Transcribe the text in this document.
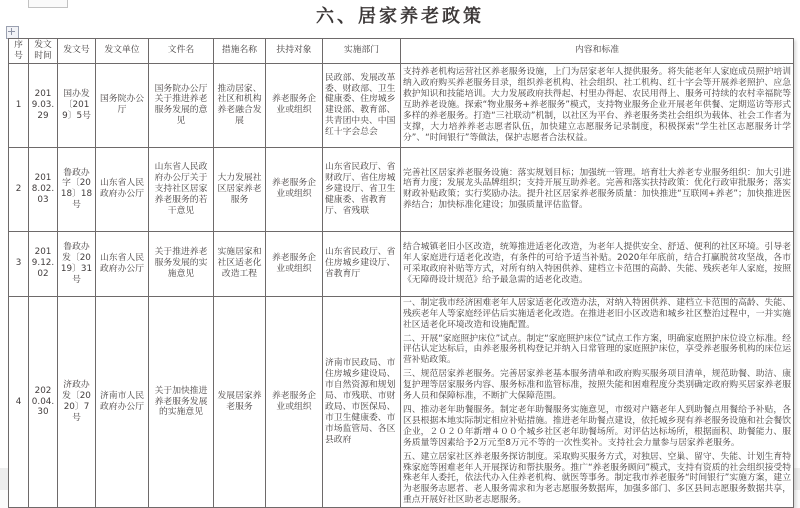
六、居家养老政策
序号	发文时间	发文号	发文单位	文件名	措施名称	扶持对象	实施部门	内容和标准
1	2019.03.29	国办发〔2019〕5号	国务院办公厅	国务院办公厅关于推进养老服务发展的意见	推动居家、社区和机构养老融合发展	养老服务企业或组织	民政部、发展改革委、财政部、卫生健康委、住房城乡建设部、教育部、共青团中央、中国红十字会总会	支持养老机构运营社区养老服务设施，上门为居家老年人提供服务。将失能老年人家庭成员照护培训纳入政府购买养老服务目录，组织养老机构、社会组织、社工机构、红十字会等开展养老照护、应急救护知识和技能培训。大力发展政府扶得起、村里办得起、农民用得上、服务可持续的农村幸福院等互助养老设施。探索“物业服务+养老服务”模式，支持物业服务企业开展老年供餐、定期巡访等形式多样的养老服务。打造“三社联动”机制，以社区为平台、养老服务类社会组织为载体、社会工作者为支撑，大力培养养老志愿者队伍，加快建立志愿服务记录制度，积极探索“学生社区志愿服务计学分”、“时间银行”等做法，保护志愿者合法权益。

2	2018.02.03	鲁政办字〔2018〕18号	山东省人民政府办公厅	山东省人民政府办公厅关于支持社区居家养老服务的若干意见	大力发展社区居家养老服务	养老服务企业或组织	山东省民政厅、省财政厅、省住房城乡建设厅、省卫生健康委、省教育厅、省残联	完善社区居家养老服务设施：落实规划目标；加强统一管理。培育壮大养老专业服务组织：加大引进培育力度；发展龙头品牌组织；支持开展互助养老。完善和落实扶持政策：优化行政审批服务；落实财政补贴政策；实行奖励办法。提升社区居家养老服务质量：加快推进“互联网+养老”；加快推进医养结合；加快标准化建设；加强质量评估监督。

3	2019.12.02	鲁政办发〔2019〕31号	山东省人民政府办公厅	关于推进养老服务发展的实施意见	实施居家和社区适老化改造工程	养老服务企业或组织	山东省民政厅、省住房城乡建设厅、省教育厅	结合城镇老旧小区改造，统筹推进适老化改造，为老年人提供安全、舒适、便利的社区环境。引导老年人家庭进行适老化改造，有条件的可给予适当补贴。2020年年底前，结合打赢脱贫攻坚战，各市可采取政府补贴等方式，对所有纳入特困供养、建档立卡范围的高龄、失能、残疾老年人家庭，按照《无障碍设计规范》给予最急需的适老化改造。

4	2020.04.30	济政办发〔2020〕7号	济南市人民政府办公厅	关于加快推进养老服务发展的实施意见	发展居家养老服务	养老服务企业或组织	济南市民政局、市住房城乡建设局、市自然资源和规划局、市残联、市财政局、市医保局、市卫生健康委、市市场监管局、各区县政府	一、制定我市经济困难老年人居家适老化改造办法，对纳入特困供养、建档立卡范围的高龄、失能、残疾老年人等家庭经评估后实施适老化改造。在推进老旧小区改造和城乡社区整治过程中，一并实施社区适老化环境改造和设施配置。

二、开展“家庭照护床位”试点。制定“家庭照护床位”试点工作方案，明确家庭照护床位设立标准。经评估认定达标后，由养老服务机构登记并纳入日常管理的家庭照护床位，享受养老服务机构的床位运营补贴政策。

三、规范居家养老服务。完善居家养老基本服务清单和政府购买服务项目清单，规范助餐、助洁、康复护理等居家服务内容、服务标准和监管标准，按照失能和困难程度分类别确定政府购买居家养老服务人员和保障标准，不断扩大保障范围。

四、推动老年助餐服务。制定老年助餐服务实施意见，市级对户籍老年人到助餐点用餐给予补贴，各区县根据本地实际制定相应补贴措施。推进老年助餐点建设，依托城乡现有养老服务设施和社会餐饮企业，２０２０年新增４００个城乡社区老年助餐场所。对评估达标场所，根据面积、助餐能力、服务质量等因素给予2万元至8万元不等的一次性奖补。支持社会力量参与居家养老服务。

五、建立居家社区养老服务探访制度。采取购买服务方式，对独居、空巢、留守、失能、计划生育特殊家庭等困难老年人开展探访和帮扶服务。推广“养老服务顾问”模式，支持有资质的社会组织接受特殊老年人委托，依法代办入住养老机构、就医等事务。制定我市养老服务“时间银行”实施方案，建立为老服务志愿者、老人服务需求和为老志愿服务数据库，加强多部门、多区县间志愿服务数据共享，重点开展好社区助老志愿服务。
